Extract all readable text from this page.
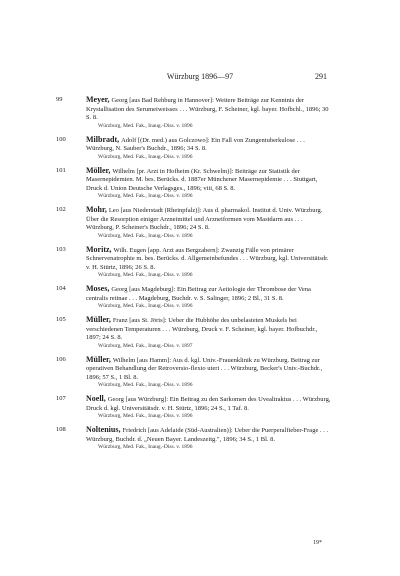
Würzburg 1896—97	291
99	Meyer, Georg [aus Bad Rehburg in Hannover]: Weitere Beiträge zur Kenntnis der Krystallisation des Serumeiweisses . . . Würzburg, F. Scheiner, kgl. bayer. Hofbchl., 1896; 30 S. 8.
Würzburg, Med. Fak., Inaug.-Diss. v. 1896
100	Milbradt, Adolf [(Dr. med.) aus Golczowo]: Ein Fall von Zungentuberkulose . . . Würzburg, N. Sauber's Buchdr., 1896; 34 S. 8.
Würzburg, Med. Fak., Inaug.-Diss. v. 1896
101	Möller, Wilhelm [pr. Arzt in Hofheim (Kr. Schwelm)]: Beiträge zur Statistik der Masernepidemien. M. bes. Berücks. d. 1887er Münchener Masernepidemie . . . Stuttgart, Druck d. Union Deutsche Verlagsges., 1896; viii, 68 S. 8.
Würzburg, Med. Fak., Inaug.-Diss. v. 1896
102	Mohr, Leo [aus Niederstadt (Rheinpfalz)]: Aus d. pharmakol. Institut d. Univ. Würzburg. Über die Resorption einiger Arzneimittel und Arzneiformen vom Mastdarm aus . . . Würzburg, P. Scheiner's Buchdr., 1896; 24 S. 8.
Würzburg, Med. Fak., Inaug.-Diss. v. 1896
103	Moritz, Wilh. Eugen [app. Arzt aus Bergzabern]: Zwanzig Fälle von primärer Schnervenatrophie m. bes. Berücks. d. Allgemeinbefundes . . . Würzburg, kgl. Universitätsdr. v. H. Stürtz, 1896; 26 S. 8.
Würzburg, Med. Fak., Inaug.-Diss. v. 1896
104	Moses, Georg [aus Magdeburg]: Ein Beitrag zur Aetiologie der Thrombose der Vena centralis retinae . . . Magdeburg, Buchdr. v. S. Salinger, 1896; 2 Bl., 31 S. 8.
Würzburg, Med. Fak., Inaug.-Diss. v. 1896
105	Müller, Franz [aus St. Jöris]: Ueber die Hubhöhe des unbelasteten Muskels bei verschiedenen Temperaturen . . . Würzburg, Druck v. F. Scheiner, kgl. bayer. Hofbuchdr., 1897; 24 S. 8.
Würzburg, Med. Fak., Inaug.-Diss. v. 1897
106	Müller, Wilhelm [aus Hamm]: Aus d. kgl. Univ.-Frauenklinik zu Würzburg. Beitrag zur operativen Behandlung der Retroversio-flexio uteri . . . Würzburg, Becker's Univ.-Buchdr., 1896; 57 S., 1 Bl. 8.
Würzburg, Med. Fak., Inaug.-Diss. v. 1896
107	Noell, Georg [aus Würzburg]: Ein Beitrag zu den Sarkomen des Uvealtraktus . . . Würzburg, Druck d. kgl. Universitätsdr. v. H. Stürtz, 1896; 24 S., 1 Taf. 8.
Würzburg, Med. Fak., Inaug.-Diss. v. 1896
108	Noltenius, Friedrich [aus Adelaide (Süd-Australien)]: Ueber die Puerperalfieber-Frage . . . Würzburg, Buchdr. d. „Neuen Bayer. Landeszeitg.", 1896; 34 S., 1 Bl. 8.
Würzburg, Med. Fak., Inaug.-Diss. v. 1896
19*
